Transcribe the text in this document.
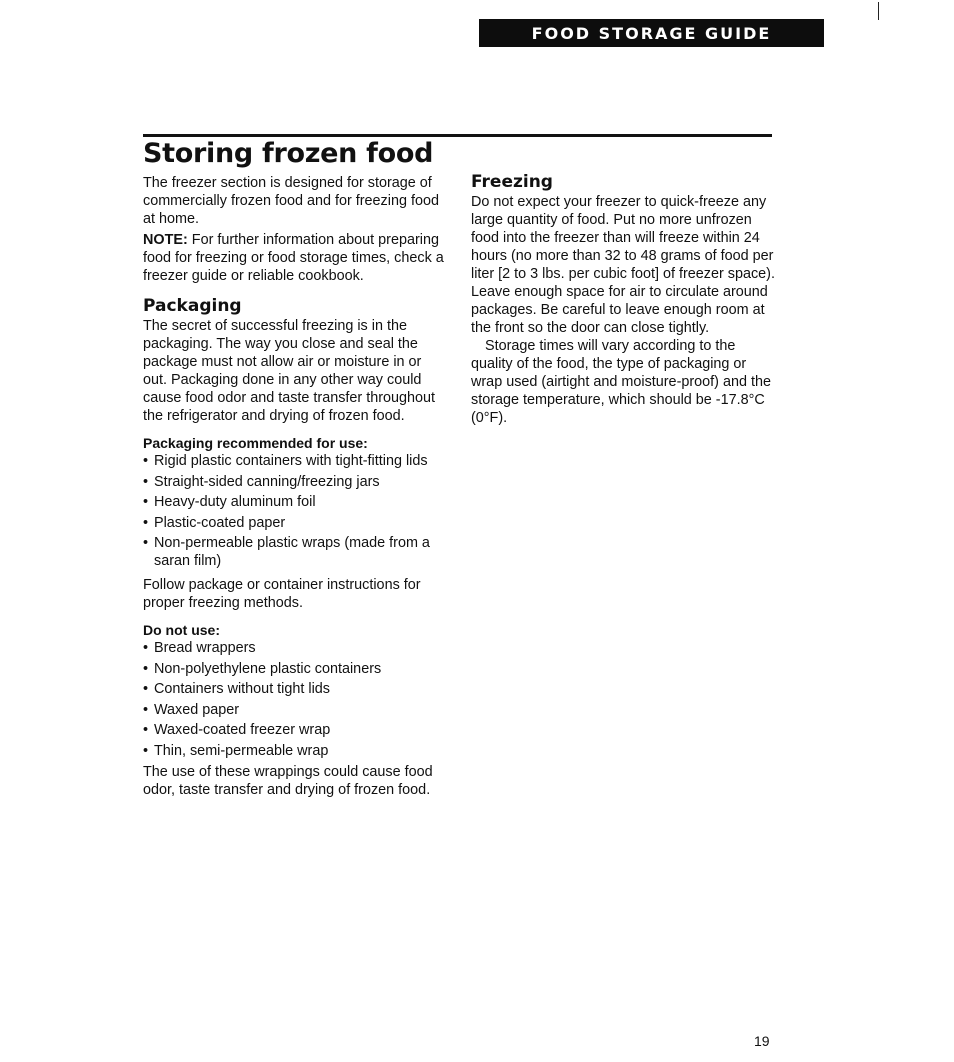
FOOD STORAGE GUIDE
Storing frozen food

The freezer section is designed for storage of commercially frozen food and for freezing food at home.

NOTE: For further information about preparing food for freezing or food storage times, check a freezer guide or reliable cookbook.

Packaging

The secret of successful freezing is in the packaging. The way you close and seal the package must not allow air or moisture in or out. Packaging done in any other way could cause food odor and taste transfer throughout the refrigerator and drying of frozen food.

Packaging recommended for use:
• Rigid plastic containers with tight-fitting lids
• Straight-sided canning/freezing jars
• Heavy-duty aluminum foil
• Plastic-coated paper
• Non-permeable plastic wraps (made from a saran film)

Follow package or container instructions for proper freezing methods.

Do not use:
• Bread wrappers
• Non-polyethylene plastic containers
• Containers without tight lids
• Waxed paper
• Waxed-coated freezer wrap
• Thin, semi-permeable wrap

The use of these wrappings could cause food odor, taste transfer and drying of frozen food.

Freezing

Do not expect your freezer to quick-freeze any large quantity of food. Put no more unfrozen food into the freezer than will freeze within 24 hours (no more than 32 to 48 grams of food per liter [2 to 3 lbs. per cubic foot] of freezer space). Leave enough space for air to circulate around packages. Be careful to leave enough room at the front so the door can close tightly.

Storage times will vary according to the quality of the food, the type of packaging or wrap used (airtight and moisture-proof) and the storage temperature, which should be -17.8°C (0°F).

19
